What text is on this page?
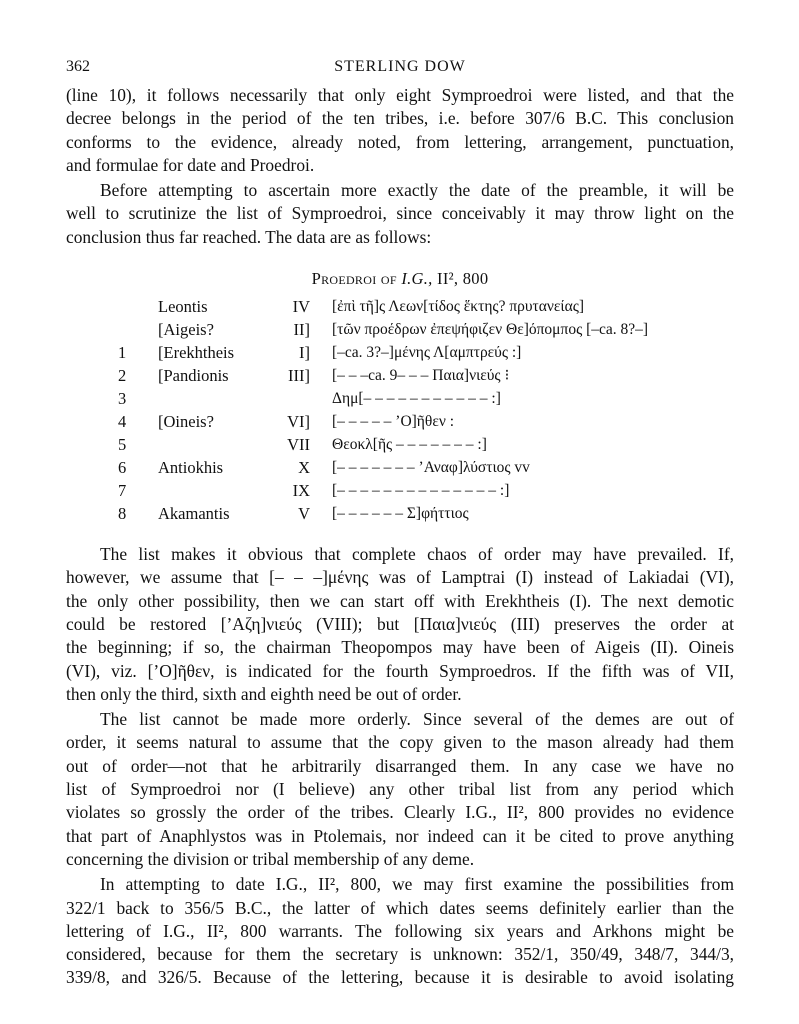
362	STERLING DOW

(line 10), it follows necessarily that only eight Symproedroi were listed, and that the
decree belongs in the period of the ten tribes, i.e. before 307/6 B.C. This conclusion
conforms to the evidence, already noted, from lettering, arrangement, punctuation,
and formulae for date and Proedroi.

Before attempting to ascertain more exactly the date of the preamble, it will be
well to scrutinize the list of Symproedroi, since conceivably it may throw light on the
conclusion thus far reached. The data are as follows:

Proedroi of I.G., II², 800
	Leontis	IV	[ἐπὶ τῆ]ς Λεων[τίδος ἕκτης? πρυτανείας]
	[Aigeis?	II]	[τῶν προέδρων ἐπεψήφιζεν Θε]όπομπος [–ca. 8?–]
1	[Erekhtheis	I]	[–ca. 3?–]μένης Λ[αμπτρεύς :]
2	[Pandionis	III]	[– – –ca. 9– – – Παια]νιεύς ⁝
3			Δημ[– – – – – – – – – – – :]
4	[Oineis?	VI]	[– – – – – ’Ο]ῆθεν :
5		VII	Θεοκλ[ῆς – – – – – – – :]
6	Antiokhis	X	[– – – – – – – ’Αναφ]λύστιος vv
7		IX	[– – – – – – – – – – – – – – :]
8	Akamantis	V	[– – – – – – Σ]φήττιος

The list makes it obvious that complete chaos of order may have prevailed. If,
however, we assume that [– – –]μένης was of Lamptrai (I) instead of Lakiadai (VI),
the only other possibility, then we can start off with Erekhtheis (I). The next demotic
could be restored [’Αζη]νιεύς (VIII); but [Παια]νιεύς (III) preserves the order at
the beginning; if so, the chairman Theopompos may have been of Aigeis (II). Oineis
(VI), viz. [’Ο]ῆθεν, is indicated for the fourth Symproedros. If the fifth was of VII,
then only the third, sixth and eighth need be out of order.

The list cannot be made more orderly. Since several of the demes are out of
order, it seems natural to assume that the copy given to the mason already had them
out of order—not that he arbitrarily disarranged them. In any case we have no
list of Symproedroi nor (I believe) any other tribal list from any period which
violates so grossly the order of the tribes. Clearly I.G., II², 800 provides no evidence
that part of Anaphlystos was in Ptolemais, nor indeed can it be cited to prove anything
concerning the division or tribal membership of any deme.

In attempting to date I.G., II², 800, we may first examine the possibilities from
322/1 back to 356/5 B.C., the latter of which dates seems definitely earlier than the
lettering of I.G., II², 800 warrants. The following six years and Arkhons might be
considered, because for them the secretary is unknown: 352/1, 350/49, 348/7, 344/3,
339/8, and 326/5. Because of the lettering, because it is desirable to avoid isolating
